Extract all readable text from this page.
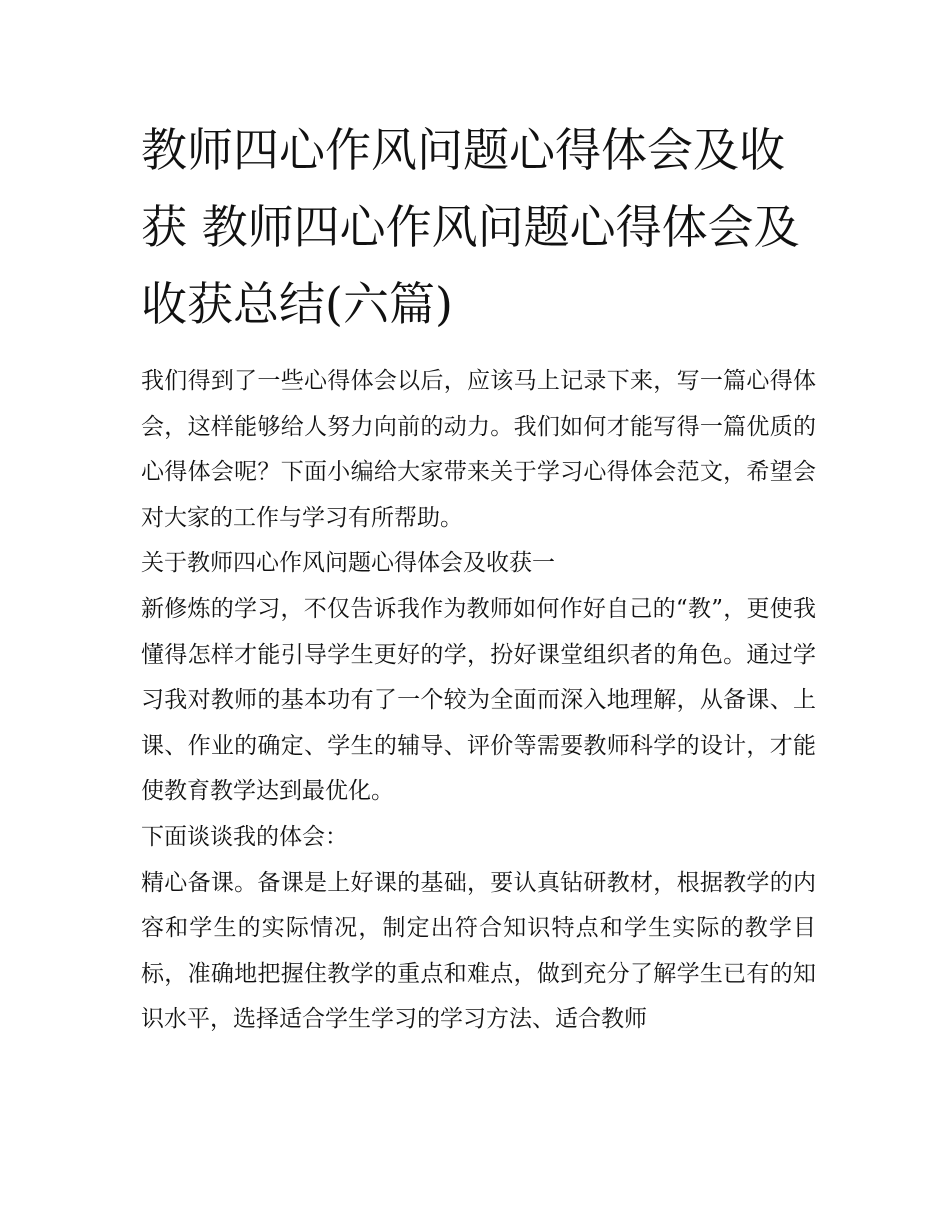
教师四心作风问题心得体会及收获 教师四心作风问题心得体会及收获总结(六篇)

我们得到了一些心得体会以后，应该马上记录下来，写一篇心得体会，这样能够给人努力向前的动力。我们如何才能写得一篇优质的心得体会呢？下面小编给大家带来关于学习心得体会范文，希望会对大家的工作与学习有所帮助。

关于教师四心作风问题心得体会及收获一

新修炼的学习，不仅告诉我作为教师如何作好自己的“教”，更使我懂得怎样才能引导学生更好的学，扮好课堂组织者的角色。通过学习我对教师的基本功有了一个较为全面而深入地理解，从备课、上课、作业的确定、学生的辅导、评价等需要教师科学的设计，才能使教育教学达到最优化。

下面谈谈我的体会：

精心备课。备课是上好课的基础，要认真钻研教材，根据教学的内容和学生的实际情况，制定出符合知识特点和学生实际的教学目标，准确地把握住教学的重点和难点，做到充分了解学生已有的知识水平，选择适合学生学习的学习方法、适合教师
